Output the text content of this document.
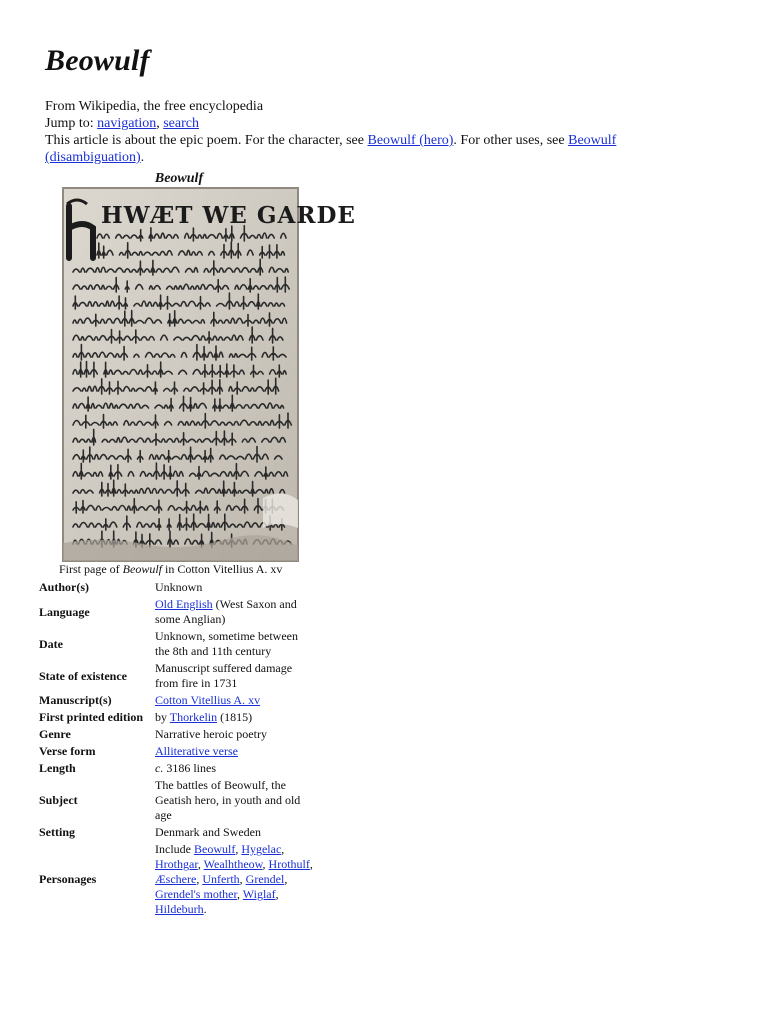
Beowulf
From Wikipedia, the free encyclopedia
Jump to: navigation, search
This article is about the epic poem. For the character, see Beowulf (hero). For other uses, see Beowulf (disambiguation).
Beowulf
HWÆT WE GARDE
First page of Beowulf in Cotton Vitellius A. xv
Author(s)	Unknown
Language	Old English (West Saxon and some Anglian)
Date	Unknown, sometime between the 8th and 11th century
State of existence	Manuscript suffered damage from fire in 1731
Manuscript(s)	Cotton Vitellius A. xv
First printed edition	by Thorkelin (1815)
Genre	Narrative heroic poetry
Verse form	Alliterative verse
Length	c. 3186 lines
Subject	The battles of Beowulf, the Geatish hero, in youth and old age
Setting	Denmark and Sweden
Personages	Include Beowulf, Hygelac, Hrothgar, Wealhtheow, Hrothulf, Æschere, Unferth, Grendel, Grendel's mother, Wiglaf, Hildeburh.
